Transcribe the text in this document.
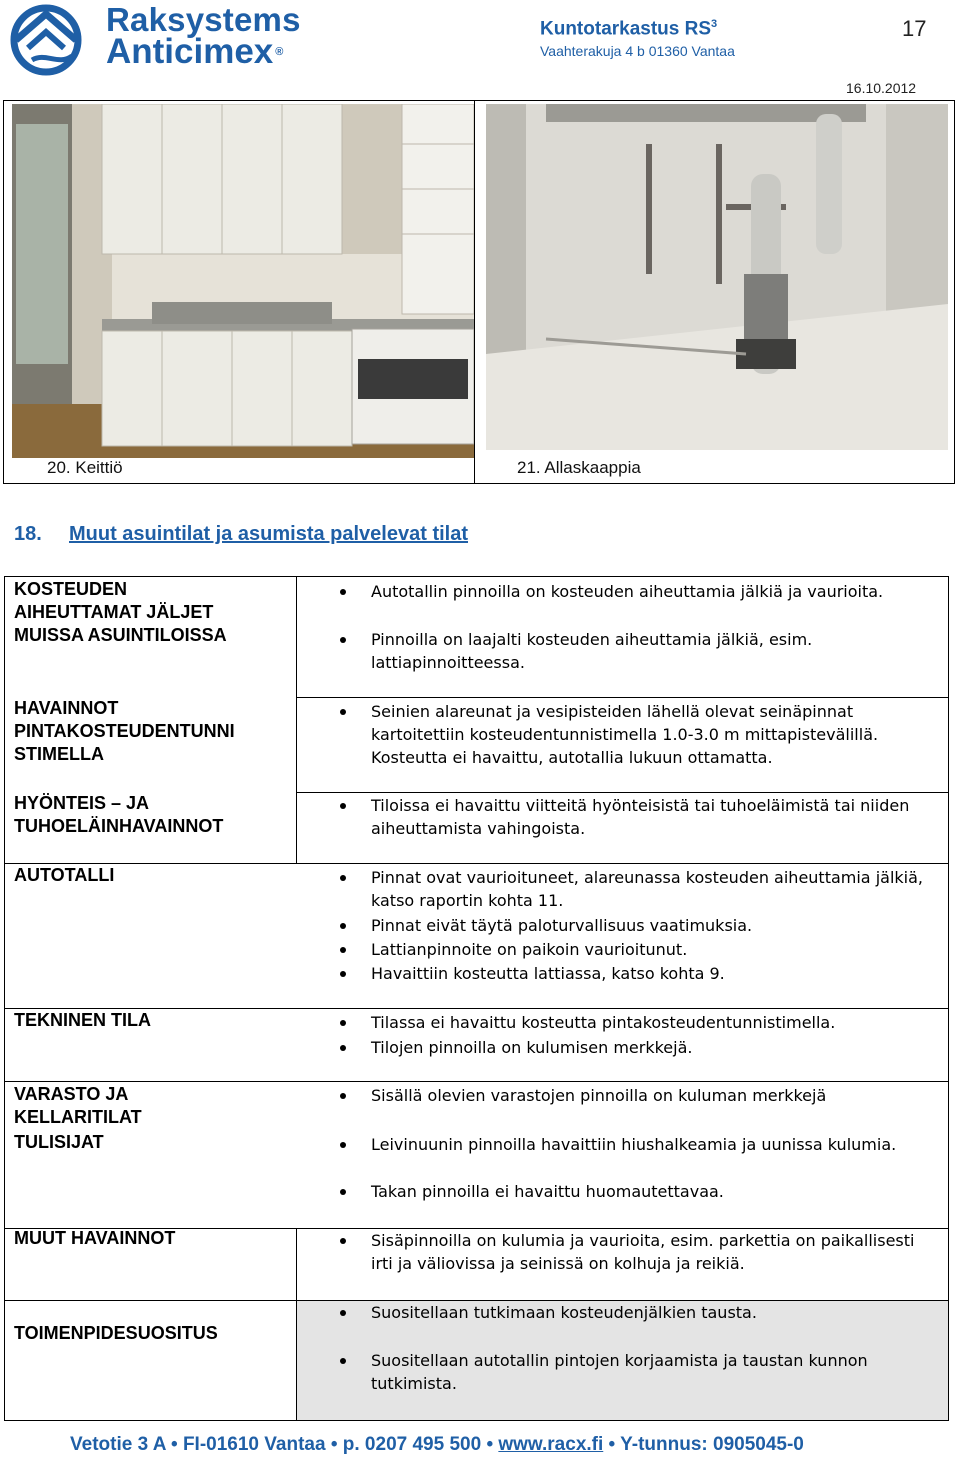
Raksystems
Anticimex ®
Kuntotarkastus $RS^3$
Vaahterakuja 4 b 01360 Vantaa
17
16.10.2012
20. Keittiö	21. Allaskaappia
18. Muut asuintilat ja asumista palvelevat tilat
KOSTEUDEN
AIHEUTTAMAT JÄLJET
MUISSA ASUINTILOISSA
HAVAINNOT
PINTAKOSTEUDENTUNNI
STIMELLA
HYÖNTEIS – JA
TUHOELÄINHAVAINNOT
AUTOTALLI
TEKNINEN TILA
VARASTO JA
KELLARITILAT
TULISIJAT
MUUT HAVAINNOT
TOIMENPIDESUOSITUS
Autotallin pinnoilla on kosteuden aiheuttamia jälkiä ja vaurioita.
Pinnoilla on laajalti kosteuden aiheuttamia jälkiä, esim. lattiapinnoitteessa.
Seinien alareunat ja vesipisteiden lähellä olevat seinäpinnat kartoitettiin kosteudentunnistimella 1.0-3.0 m mittapistevälillä. Kosteutta ei havaittu, autotallia lukuun ottamatta.
Tiloissa ei havaittu viitteitä hyönteisistä tai tuhoeläimistä tai niiden aiheuttamista vahingoista.
Pinnat ovat vaurioituneet, alareunassa kosteuden aiheuttamia jälkiä, katso raportin kohta 11.
Pinnat eivät täytä paloturvallisuus vaatimuksia.
Lattianpinnoite on paikoin vaurioitunut.
Havaittiin kosteutta lattiassa, katso kohta 9.
Tilassa ei havaittu kosteutta pintakosteudentunnistimella.
Tilojen pinnoilla on kulumisen merkkejä.
Sisällä olevien varastojen pinnoilla on kuluman merkkejä
Leivinuunin pinnoilla havaittiin hiushalkeamia ja uunissa kulumia.
Takan pinnoilla ei havaittu huomautettavaa.
Sisäpinnoilla on kulumia ja vaurioita, esim. parkettia on paikallisesti irti ja väliovissa ja seinissä on kolhuja ja reikiä.
Suositellaan tutkimaan kosteudenjälkien tausta.
Suositellaan autotallin pintojen korjaamista ja taustan kunnon tutkimista.
Vetotie 3 A • FI-01610 Vantaa • p. 0207 495 500 • www.racx.fi • Y-tunnus: 0905045-0
